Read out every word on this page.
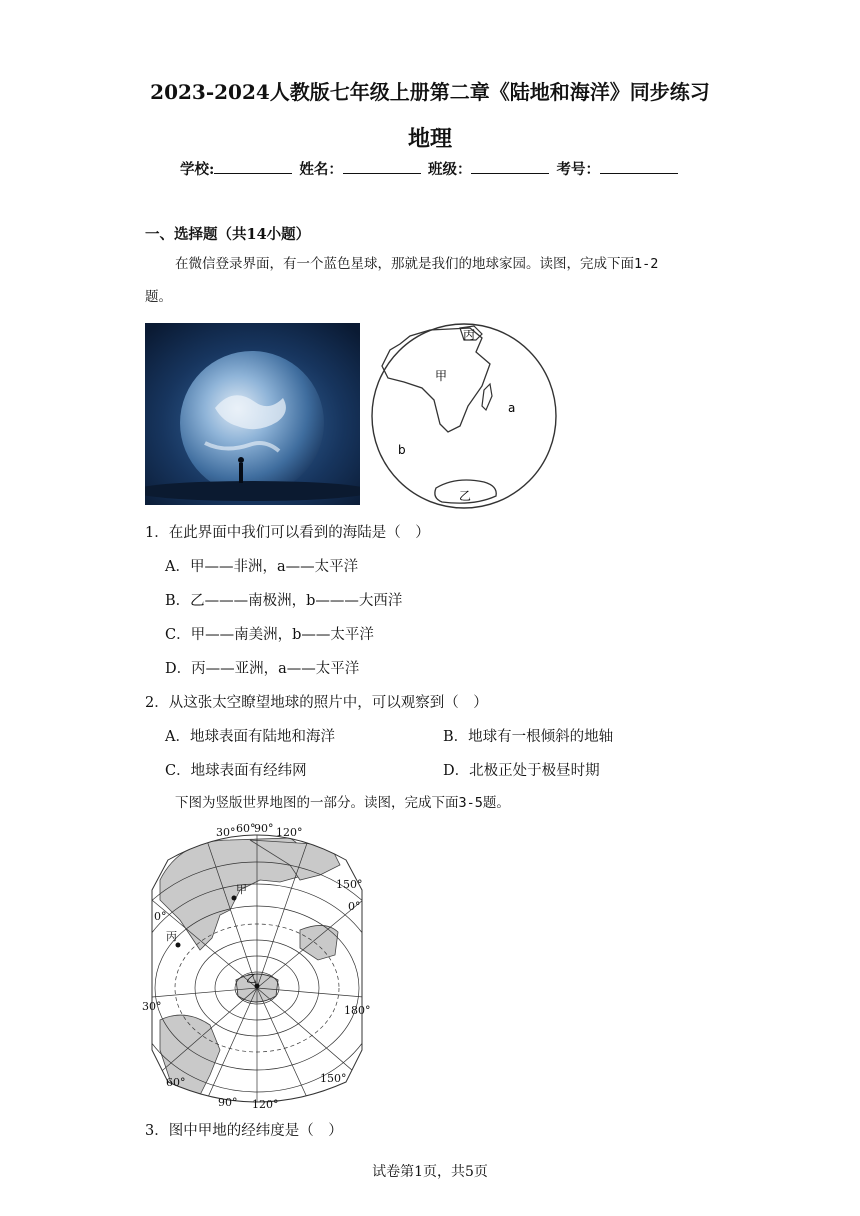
2023-2024人教版七年级上册第二章《陆地和海洋》同步练习
地理
学校:	姓名：	班级：	考号：
一、选择题（共14小题）
在微信登录界面，有一个蓝色星球，那就是我们的地球家园。读图，完成下面1-2
题。
丙
甲
a
b
乙
1．在此界面中我们可以看到的海陆是（　）
A．甲——非洲，a——太平洋
B．乙———南极洲，b———大西洋
C．甲——南美洲，b——太平洋
D．丙——亚洲，a——太平洋
2．从这张太空瞭望地球的照片中，可以观察到（　）
A．地球表面有陆地和海洋	B．地球有一根倾斜的地轴
C．地球表面有经纬网	D．北极正处于极昼时期
下图为竖版世界地图的一部分。读图，完成下面3-5题。
甲
丙
乙
30° 60°
90° 120°
150°
0°
180°
0°
30°
60°
90° 120°
150°
3．图中甲地的经纬度是（　）
试卷第1页，共5页
